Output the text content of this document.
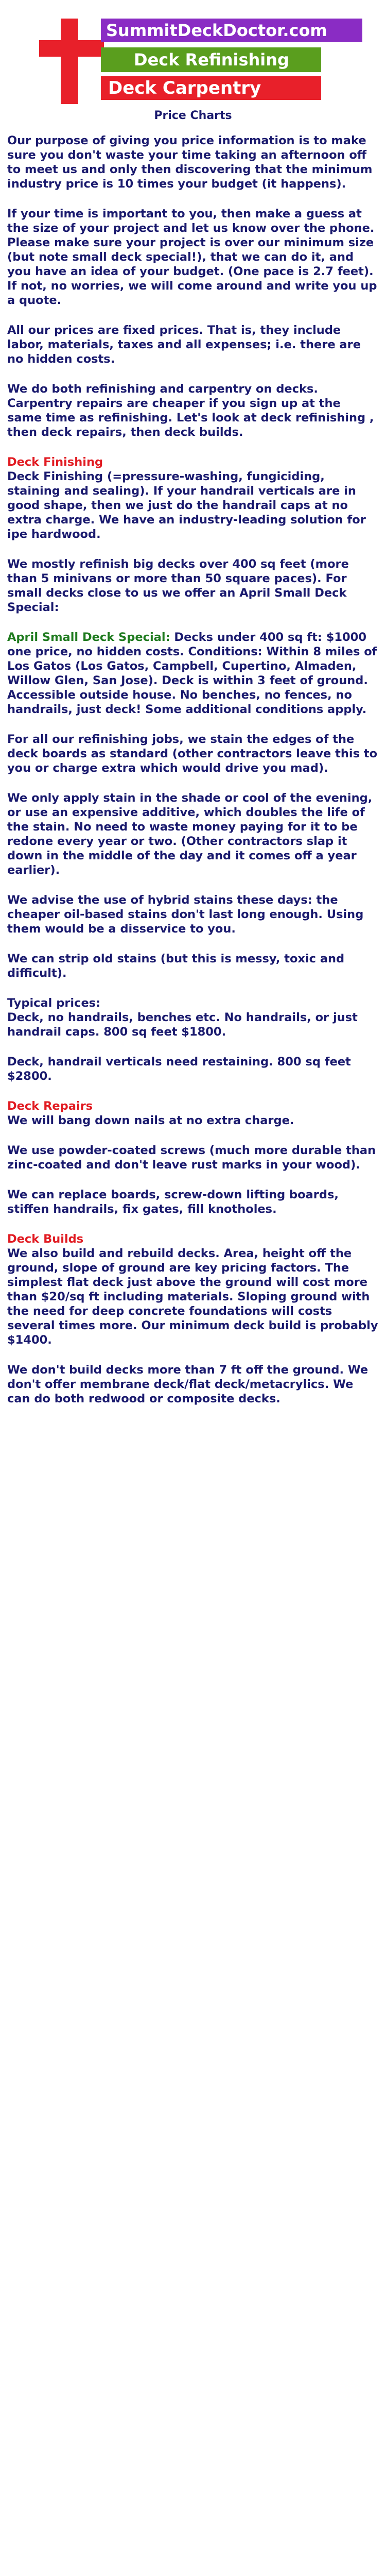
SummitDeckDoctor.com
Deck Refinishing
Deck Carpentry
Price Charts

Our purpose of giving you price information is to make sure you don't waste your time taking an afternoon off to meet us and only then discovering that the minimum industry price is 10 times your budget (it happens).

If your time is important to you, then make a guess at the size of your project and let us know over the phone. Please make sure your project is over our minimum size (but note small deck special!), that we can do it, and you have an idea of your budget. (One pace is 2.7 feet). If not, no worries, we will come around and write you up a quote.

All our prices are fixed prices. That is, they include labor, materials, taxes and all expenses; i.e. there are no hidden costs.

We do both refinishing and carpentry on decks. Carpentry repairs are cheaper if you sign up at the same time as refinishing. Let's look at deck refinishing , then deck repairs, then deck builds.

Deck Finishing
Deck Finishing (=pressure-washing, fungiciding, staining and sealing). If your handrail verticals are in good shape, then we just do the handrail caps at no extra charge. We have an industry-leading solution for ipe hardwood.

We mostly refinish big decks over 400 sq feet (more than 5 minivans or more than 50 square paces). For small decks close to us we offer an April Small Deck Special:

April Small Deck Special: Decks under 400 sq ft: $1000 one price, no hidden costs. Conditions: Within 8 miles of Los Gatos (Los Gatos, Campbell, Cupertino, Almaden, Willow Glen, San Jose). Deck is within 3 feet of ground. Accessible outside house. No benches, no fences, no handrails, just deck! Some additional conditions apply.

For all our refinishing jobs, we stain the edges of the deck boards as standard (other contractors leave this to you or charge extra which would drive you mad).

We only apply stain in the shade or cool of the evening, or use an expensive additive, which doubles the life of the stain. No need to waste money paying for it to be redone every year or two. (Other contractors slap it down in the middle of the day and it comes off a year earlier).

We advise the use of hybrid stains these days: the cheaper oil-based stains don't last long enough. Using them would be a disservice to you.

We can strip old stains (but this is messy, toxic and difficult).

Typical prices:
Deck, no handrails, benches etc. No handrails, or just handrail caps. 800 sq feet $1800.

Deck, handrail verticals need restaining. 800 sq feet $2800.

Deck Repairs
We will bang down nails at no extra charge.

We use powder-coated screws (much more durable than zinc-coated and don't leave rust marks in your wood).

We can replace boards, screw-down lifting boards, stiffen handrails, fix gates, fill knotholes.

Deck Builds
We also build and rebuild decks. Area, height off the ground, slope of ground are key pricing factors. The simplest flat deck just above the ground will cost more than $20/sq ft including materials. Sloping ground with the need for deep concrete foundations will costs several times more. Our minimum deck build is probably $1400.

We don't build decks more than 7 ft off the ground. We don't offer membrane deck/flat deck/metacrylics. We can do both redwood or composite decks.
